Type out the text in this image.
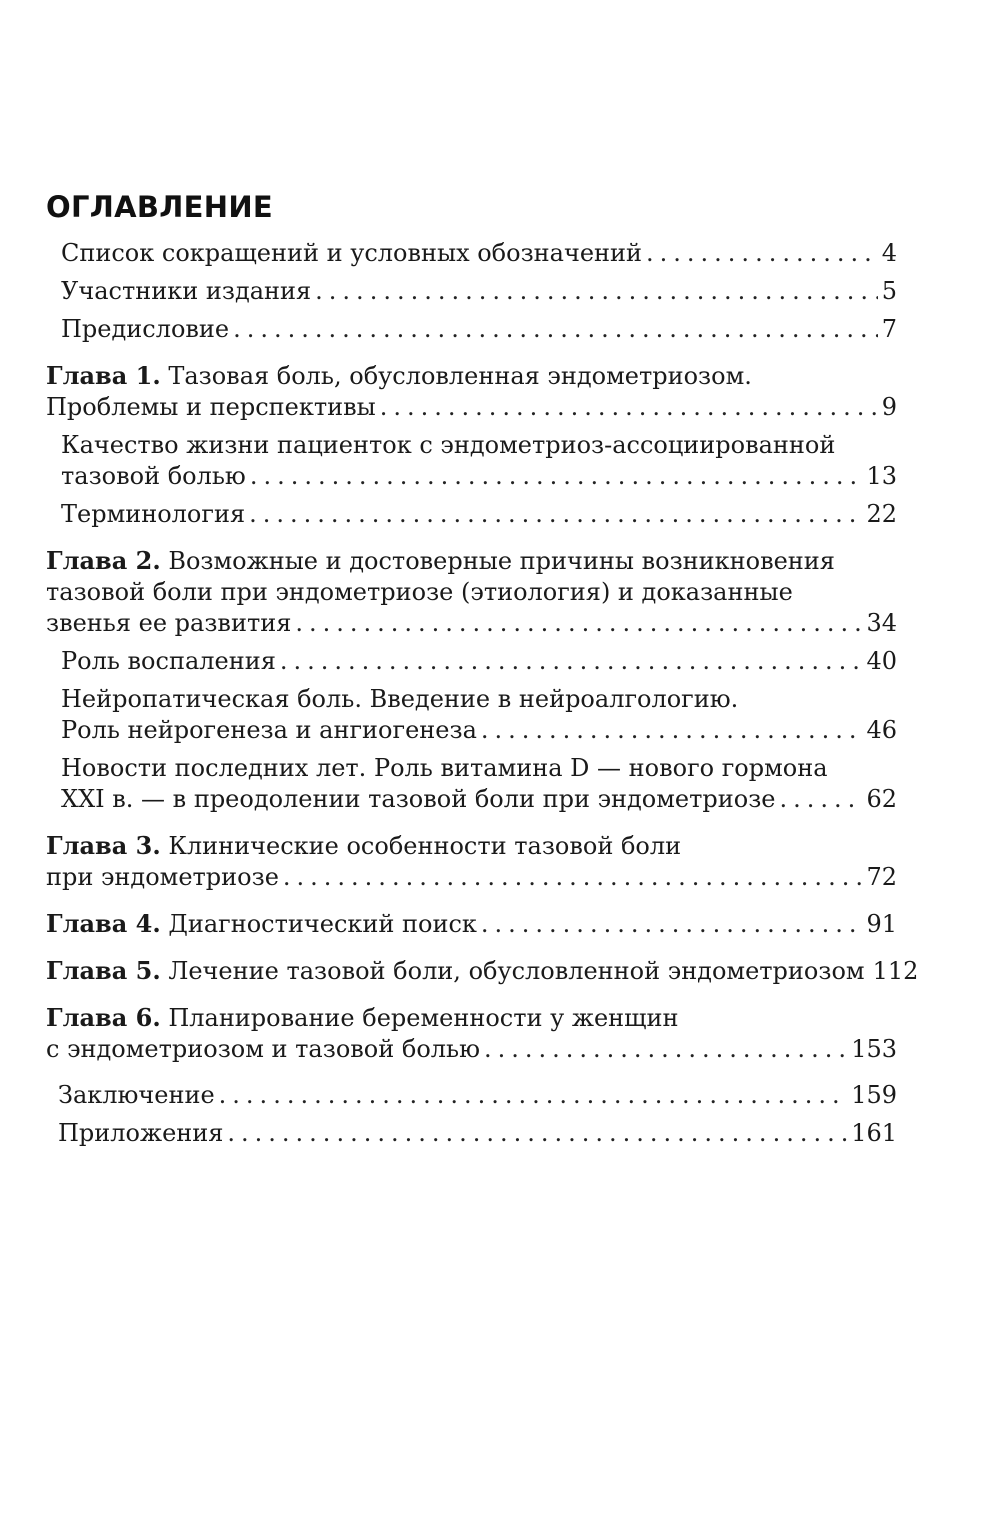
ОГЛАВЛЕНИЕ
Список сокращений и условных обозначений .....	4
Участники издания .....	5
Предисловие .....	7
Глава 1. Тазовая боль, обусловленная эндометриозом.
Проблемы и перспективы .....	9
Качество жизни пациенток с эндометриоз-ассоциированной
тазовой болью .....	13
Терминология .....	22
Глава 2. Возможные и достоверные причины возникновения
тазовой боли при эндометриозе (этиология) и доказанные
звенья ее развития .....	34
Роль воспаления .....	40
Нейропатическая боль. Введение в нейроалгологию.
Роль нейрогенеза и ангиогенеза .....	46
Новости последних лет. Роль витамина D — нового гормона
XXI в. — в преодолении тазовой боли при эндометриозе .....	62
Глава 3. Клинические особенности тазовой боли
при эндометриозе .....	72
Глава 4. Диагностический поиск .....	91
Глава 5. Лечение тазовой боли, обусловленной эндометриозом 112
Глава 6. Планирование беременности у женщин
с эндометриозом и тазовой болью .....	153
Заключение .....	159
Приложения .....	161
